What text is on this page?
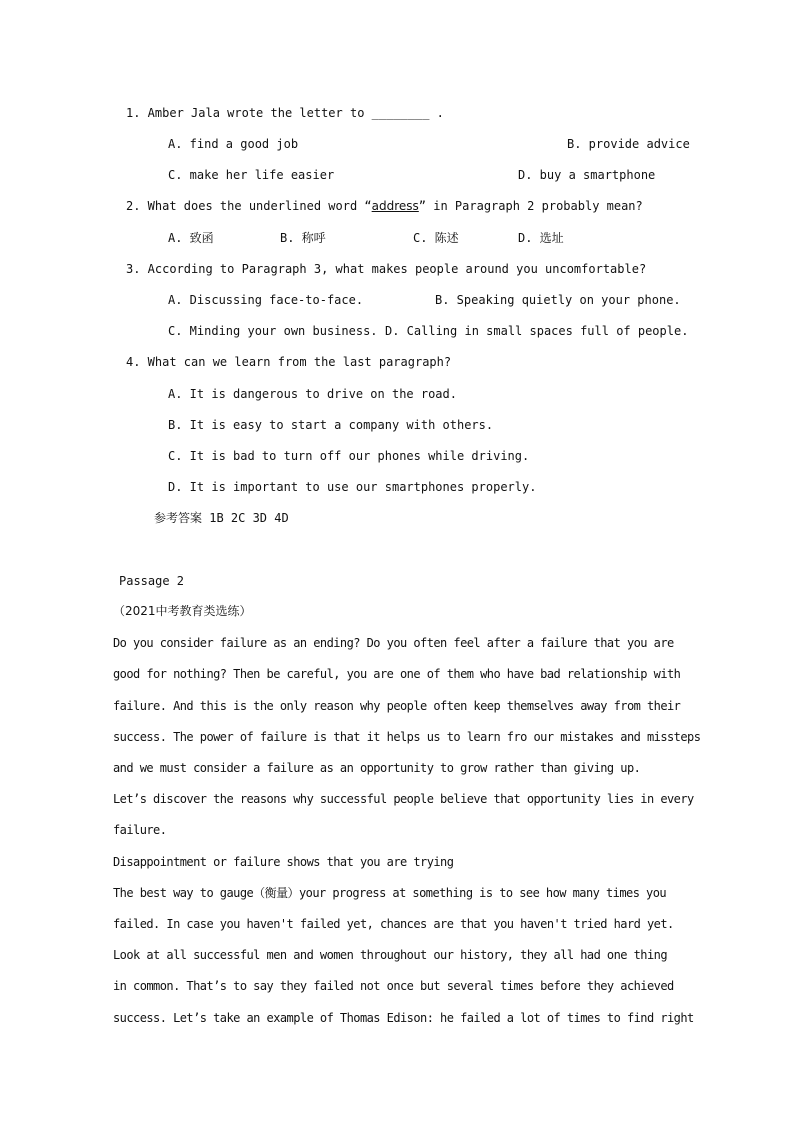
1. Amber Jala wrote the letter to ________ .
A. find a good job	B. provide advice
C. make her life easier	D. buy a smartphone
2. What does the underlined word “address” in Paragraph 2 probably mean?
A. 致函	B. 称呼	C. 陈述	D. 选址
3. According to Paragraph 3, what makes people around you uncomfortable?
A. Discussing face-to-face.	B. Speaking quietly on your phone.
C. Minding your own business. D. Calling in small spaces full of people.
4. What can we learn from the last paragraph?
A. It is dangerous to drive on the road.
B. It is easy to start a company with others.
C. It is bad to turn off our phones while driving.
D. It is important to use our smartphones properly.
参考答案 1B 2C 3D 4D
Passage 2
（2021中考教育类选练）
Do you consider failure as an ending? Do you often feel after a failure that you are
good for nothing? Then be careful, you are one of them who have bad relationship with
failure. And this is the only reason why people often keep themselves away from their
success. The power of failure is that it helps us to learn fro our mistakes and missteps
and we must consider a failure as an opportunity to grow rather than giving up.
Let’s discover the reasons why successful people believe that opportunity lies in every
failure.
Disappointment or failure shows that you are trying
The best way to gauge（衡量）your progress at something is to see how many times you
failed. In case you haven't failed yet, chances are that you haven't tried hard yet.
Look at all successful men and women throughout our history, they all had one thing
in common. That’s to say they failed not once but several times before they achieved
success. Let’s take an example of Thomas Edison: he failed a lot of times to find right
